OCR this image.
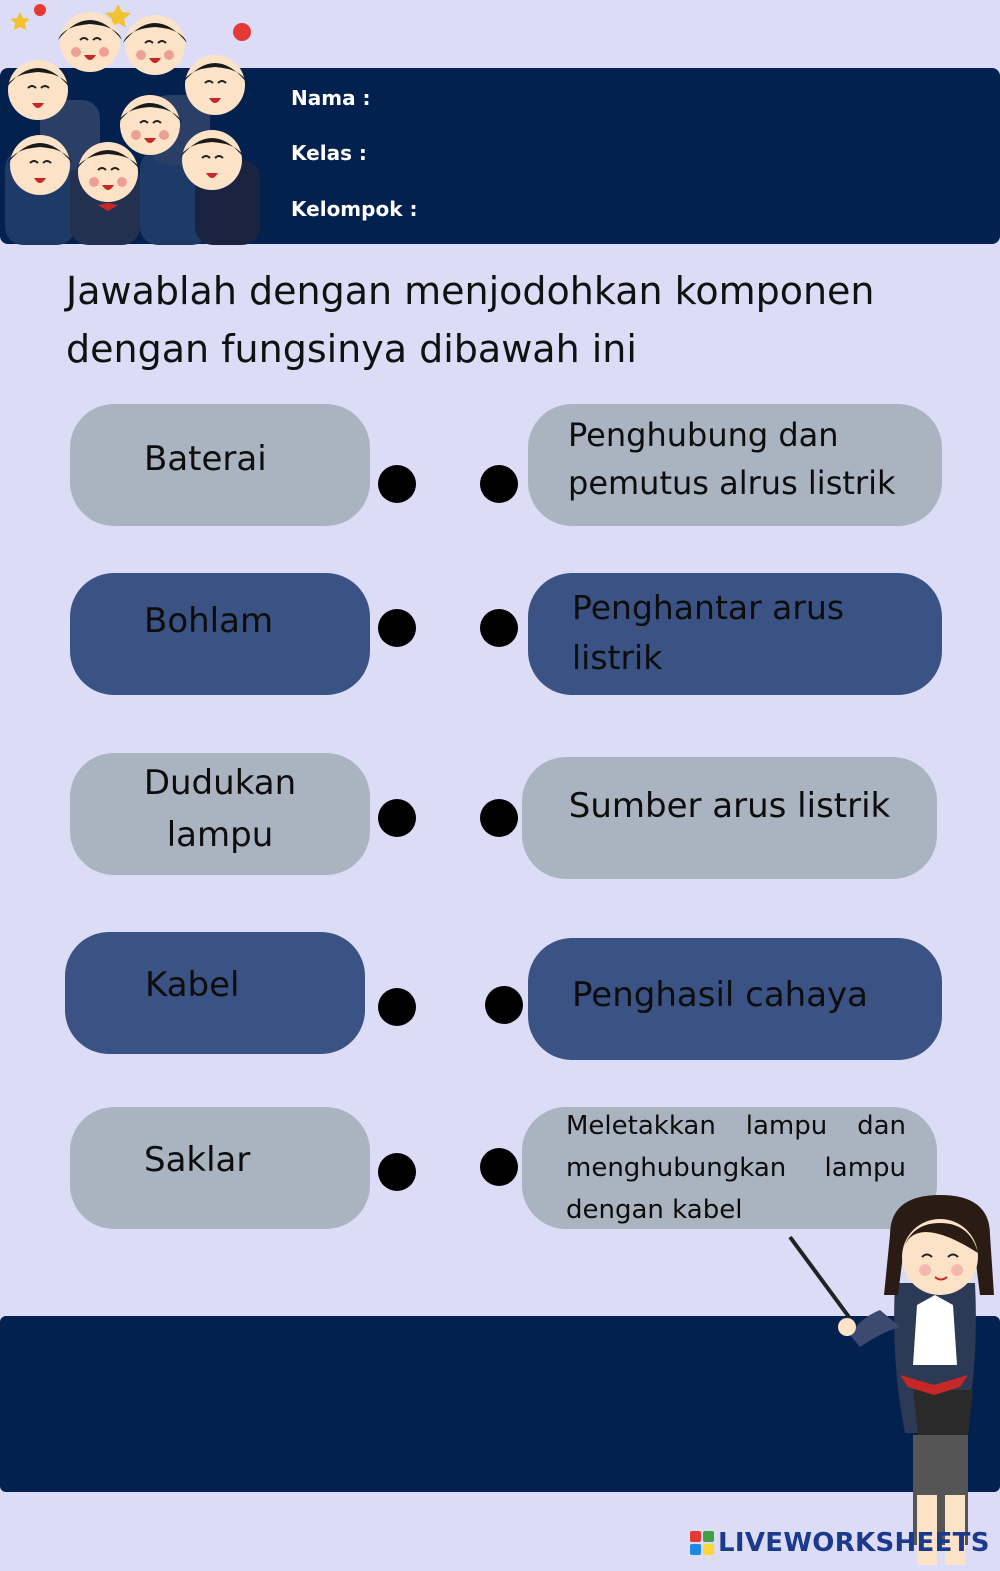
Nama :
Kelas :
Kelompok :
Jawablah dengan menjodohkan komponen dengan fungsinya dibawah ini
Baterai
Penghubung dan pemutus alrus listrik
Bohlam	Penghantar arus listrik
Dudukan lampu
Sumber arus listrik
Kabel	Penghasil cahaya
Saklar
Meletakkan lampu dan menghubungkan lampu dengan kabel
LIVEWORKSHEETS
